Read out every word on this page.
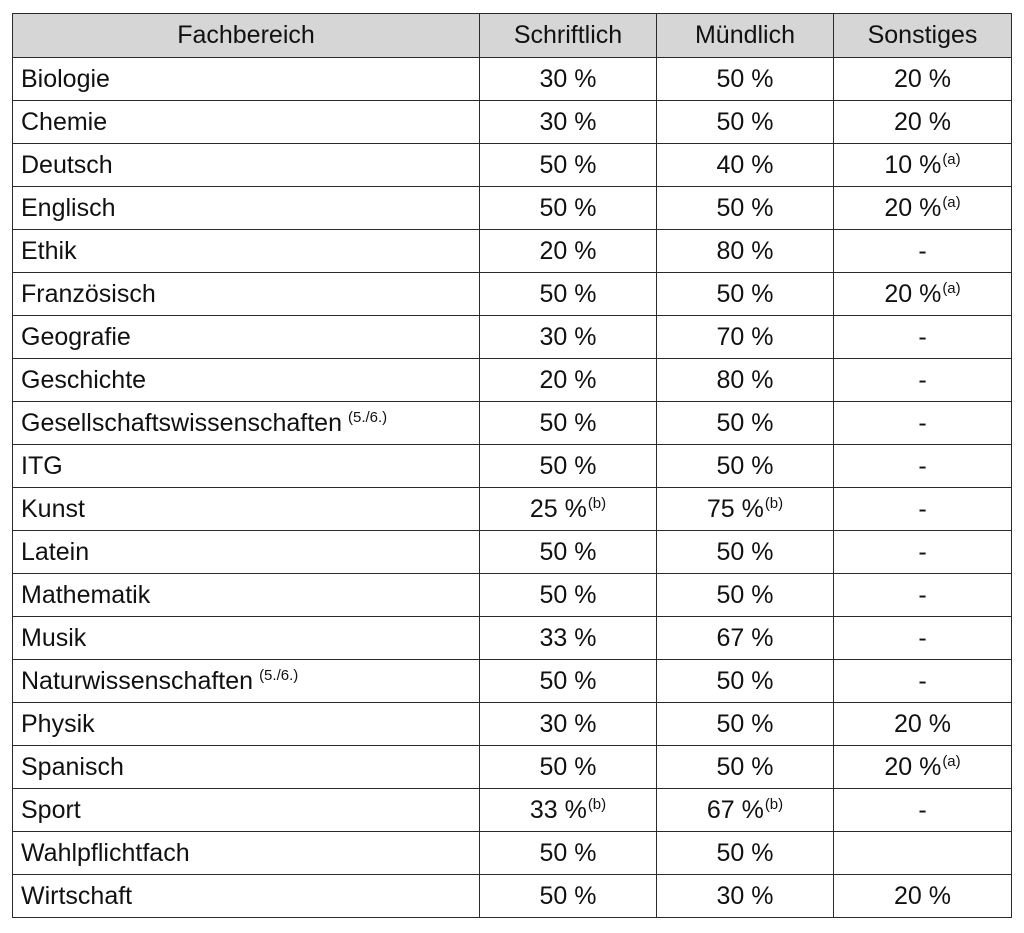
Fachbereich	Schriftlich	Mündlich	Sonstiges
Biologie	30 %	50 %	20 %
Chemie	30 %	50 %	20 %
Deutsch	50 %	40 %	10 %$^{(a)}$
Englisch	50 %	50 %	20 %$^{(a)}$
Ethik	20 %	80 %	-
Französisch	50 %	50 %	20 %$^{(a)}$
Geografie	30 %	70 %	-
Geschichte	20 %	80 %	-
Gesellschaftswissenschaften $^{(5./6.)}$	50 %	50 %	-
ITG	50 %	50 %	-
Kunst	25 %$^{(b)}$	75 %$^{(b)}$	-
Latein	50 %	50 %	-
Mathematik	50 %	50 %	-
Musik	33 %	67 %	-
Naturwissenschaften $^{(5./6.)}$	50 %	50 %	-
Physik	30 %	50 %	20 %
Spanisch	50 %	50 %	20 %$^{(a)}$
Sport	33 %$^{(b)}$	67 %$^{(b)}$	-
Wahlpflichtfach	50 %	50 %	
Wirtschaft	50 %	30 %	20 %
